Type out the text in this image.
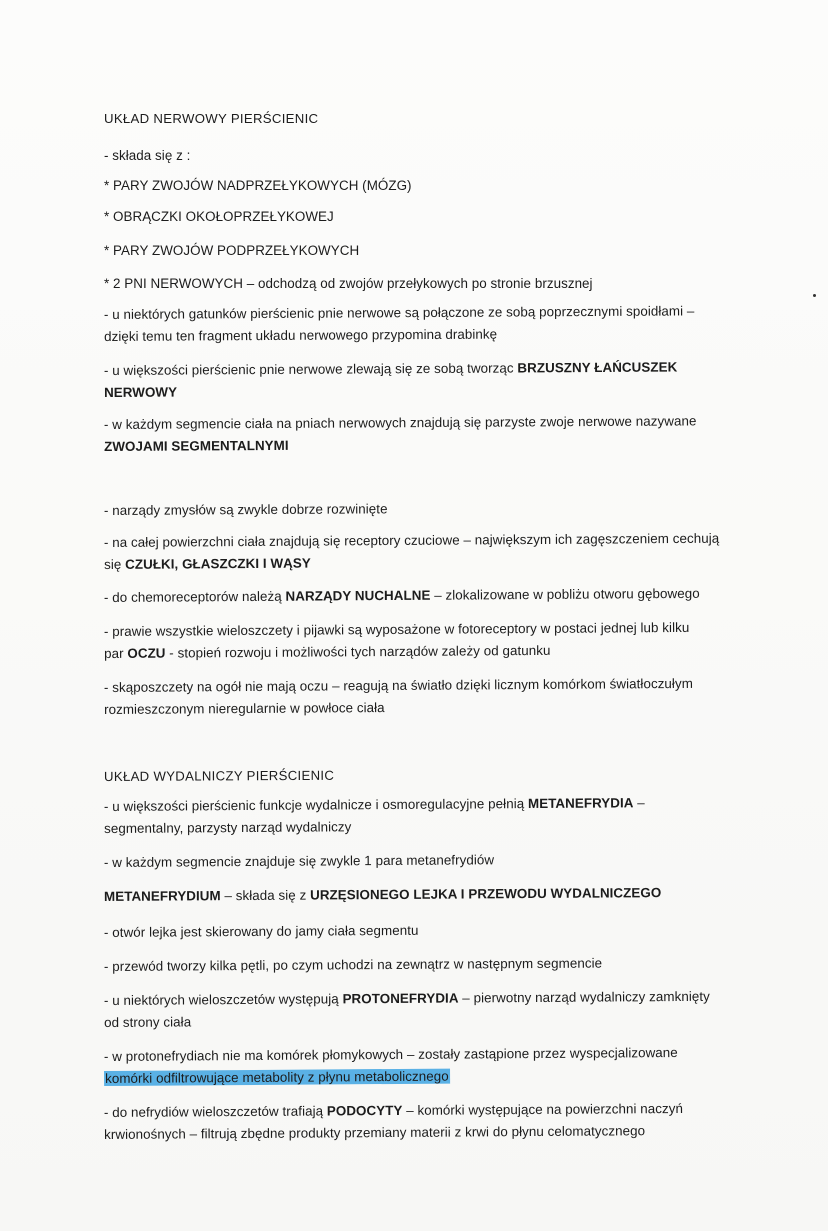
UKŁAD NERWOWY PIERŚCIENIC
- składa się z :
* PARY ZWOJÓW NADPRZEŁYKOWYCH (MÓZG)
* OBRĄCZKI OKOŁOPRZEŁYKOWEJ
* PARY ZWOJÓW PODPRZEŁYKOWYCH
* 2 PNI NERWOWYCH – odchodzą od zwojów przełykowych po stronie brzusznej
- u niektórych gatunków pierścienic pnie nerwowe są połączone ze sobą poprzecznymi spoidłami –
dzięki temu ten fragment układu nerwowego przypomina drabinkę
- u większości pierścienic pnie nerwowe zlewają się ze sobą tworząc BRZUSZNY ŁAŃCUSZEK
NERWOWY
- w każdym segmencie ciała na pniach nerwowych znajdują się parzyste zwoje nerwowe nazywane
ZWOJAMI SEGMENTALNYMI
- narządy zmysłów są zwykle dobrze rozwinięte
- na całej powierzchni ciała znajdują się receptory czuciowe – największym ich zagęszczeniem cechują
się CZUŁKI, GŁASZCZKI I WĄSY
- do chemoreceptorów należą NARZĄDY NUCHALNE – zlokalizowane w pobliżu otworu gębowego
- prawie wszystkie wieloszczety i pijawki są wyposażone w fotoreceptory w postaci jednej lub kilku
par OCZU - stopień rozwoju i możliwości tych narządów zależy od gatunku
- skąposzczety na ogół nie mają oczu – reagują na światło dzięki licznym komórkom światłoczułym
rozmieszczonym nieregularnie w powłoce ciała
UKŁAD WYDALNICZY PIERŚCIENIC
- u większości pierścienic funkcje wydalnicze i osmoregulacyjne pełnią METANEFRYDIA –
segmentalny, parzysty narząd wydalniczy
- w każdym segmencie znajduje się zwykle 1 para metanefrydiów
METANEFRYDIUM – składa się z URZĘSIONEGO LEJKA I PRZEWODU WYDALNICZEGO
- otwór lejka jest skierowany do jamy ciała segmentu
- przewód tworzy kilka pętli, po czym uchodzi na zewnątrz w następnym segmencie
- u niektórych wieloszczetów występują PROTONEFRYDIA – pierwotny narząd wydalniczy zamknięty
od strony ciała
- w protonefrydiach nie ma komórek płomykowych – zostały zastąpione przez wyspecjalizowane
komórki odfiltrowujące metabolity z płynu metabolicznego
- do nefrydiów wieloszczetów trafiają PODOCYTY – komórki występujące na powierzchni naczyń
krwionośnych – filtrują zbędne produkty przemiany materii z krwi do płynu celomatycznego
